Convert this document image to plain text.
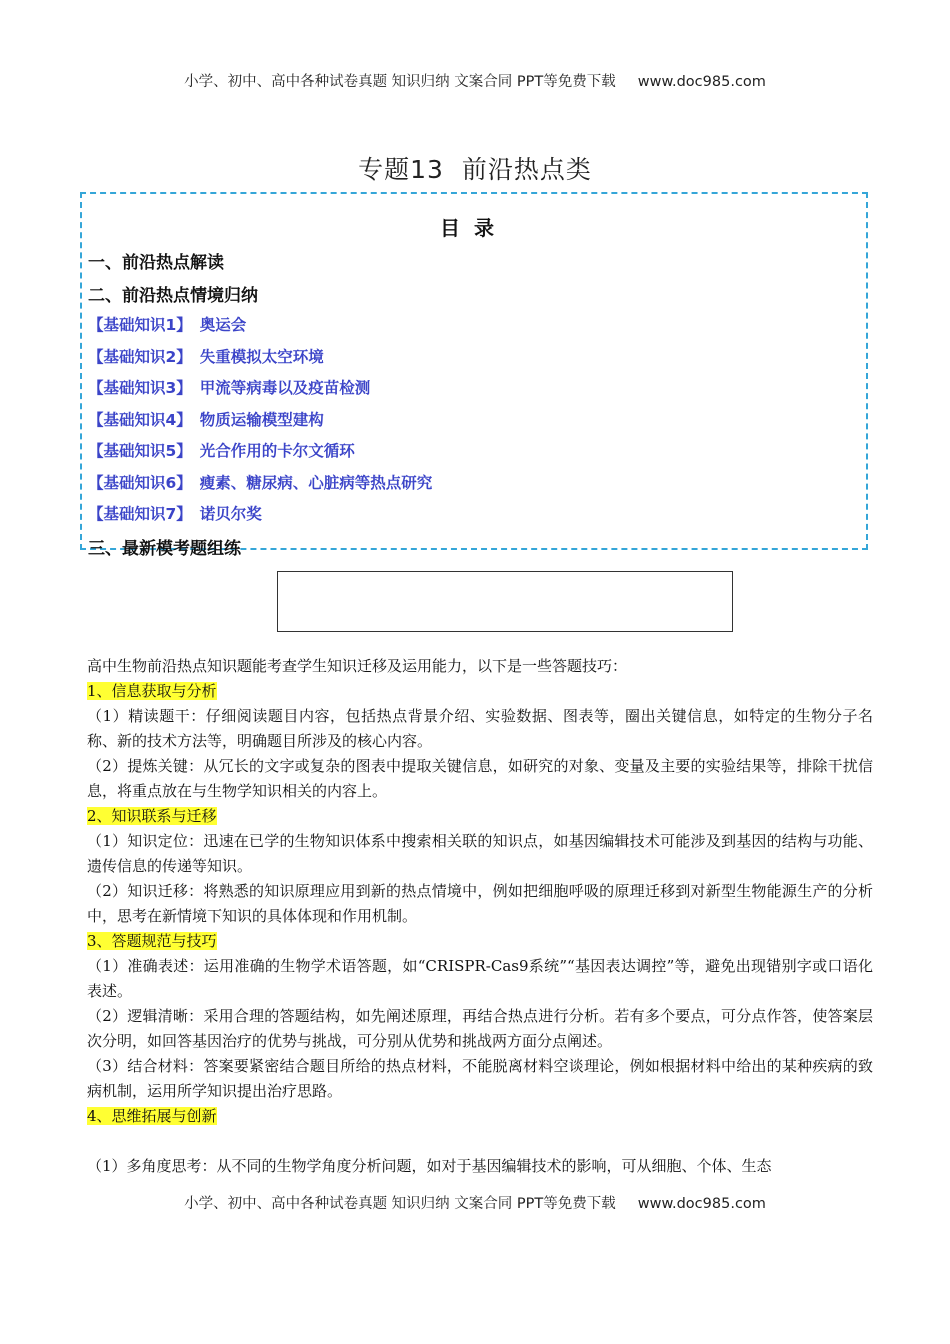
小学、初中、高中各种试卷真题 知识归纳 文案合同 PPT等免费下载 www.doc985.com
专题13 前沿热点类
目录
一、前沿热点解读
二、前沿热点情境归纳
【基础知识1】 奥运会
【基础知识2】 失重模拟太空环境
【基础知识3】 甲流等病毒以及疫苗检测
【基础知识4】 物质运输模型建构
【基础知识5】 光合作用的卡尔文循环
【基础知识6】 瘦素、糖尿病、心脏病等热点研究
【基础知识7】 诺贝尔奖
三、最新模考题组练

高中生物前沿热点知识题能考查学生知识迁移及运用能力，以下是一些答题技巧：

1、信息获取与分析

（1）精读题干：仔细阅读题目内容，包括热点背景介绍、实验数据、图表等，圈出关键信息，如特定的生物分子名称、新的技术方法等，明确题目所涉及的核心内容。

（2）提炼关键：从冗长的文字或复杂的图表中提取关键信息，如研究的对象、变量及主要的实验结果等，排除干扰信息，将重点放在与生物学知识相关的内容上。

2、知识联系与迁移

（1）知识定位：迅速在已学的生物知识体系中搜索相关联的知识点，如基因编辑技术可能涉及到基因的结构与功能、遗传信息的传递等知识。

（2）知识迁移：将熟悉的知识原理应用到新的热点情境中，例如把细胞呼吸的原理迁移到对新型生物能源生产的分析中，思考在新情境下知识的具体体现和作用机制。

3、答题规范与技巧

（1）准确表述：运用准确的生物学术语答题，如“CRISPR-Cas9系统”“基因表达调控”等，避免出现错别字或口语化表述。

（2）逻辑清晰：采用合理的答题结构，如先阐述原理，再结合热点进行分析。若有多个要点，可分点作答，使答案层次分明，如回答基因治疗的优势与挑战，可分别从优势和挑战两方面分点阐述。

（3）结合材料：答案要紧密结合题目所给的热点材料，不能脱离材料空谈理论，例如根据材料中给出的某种疾病的致病机制，运用所学知识提出治疗思路。

4、思维拓展与创新

（1）多角度思考：从不同的生物学角度分析问题，如对于基因编辑技术的影响，可从细胞、个体、生态

小学、初中、高中各种试卷真题 知识归纳 文案合同 PPT等免费下载 www.doc985.com
